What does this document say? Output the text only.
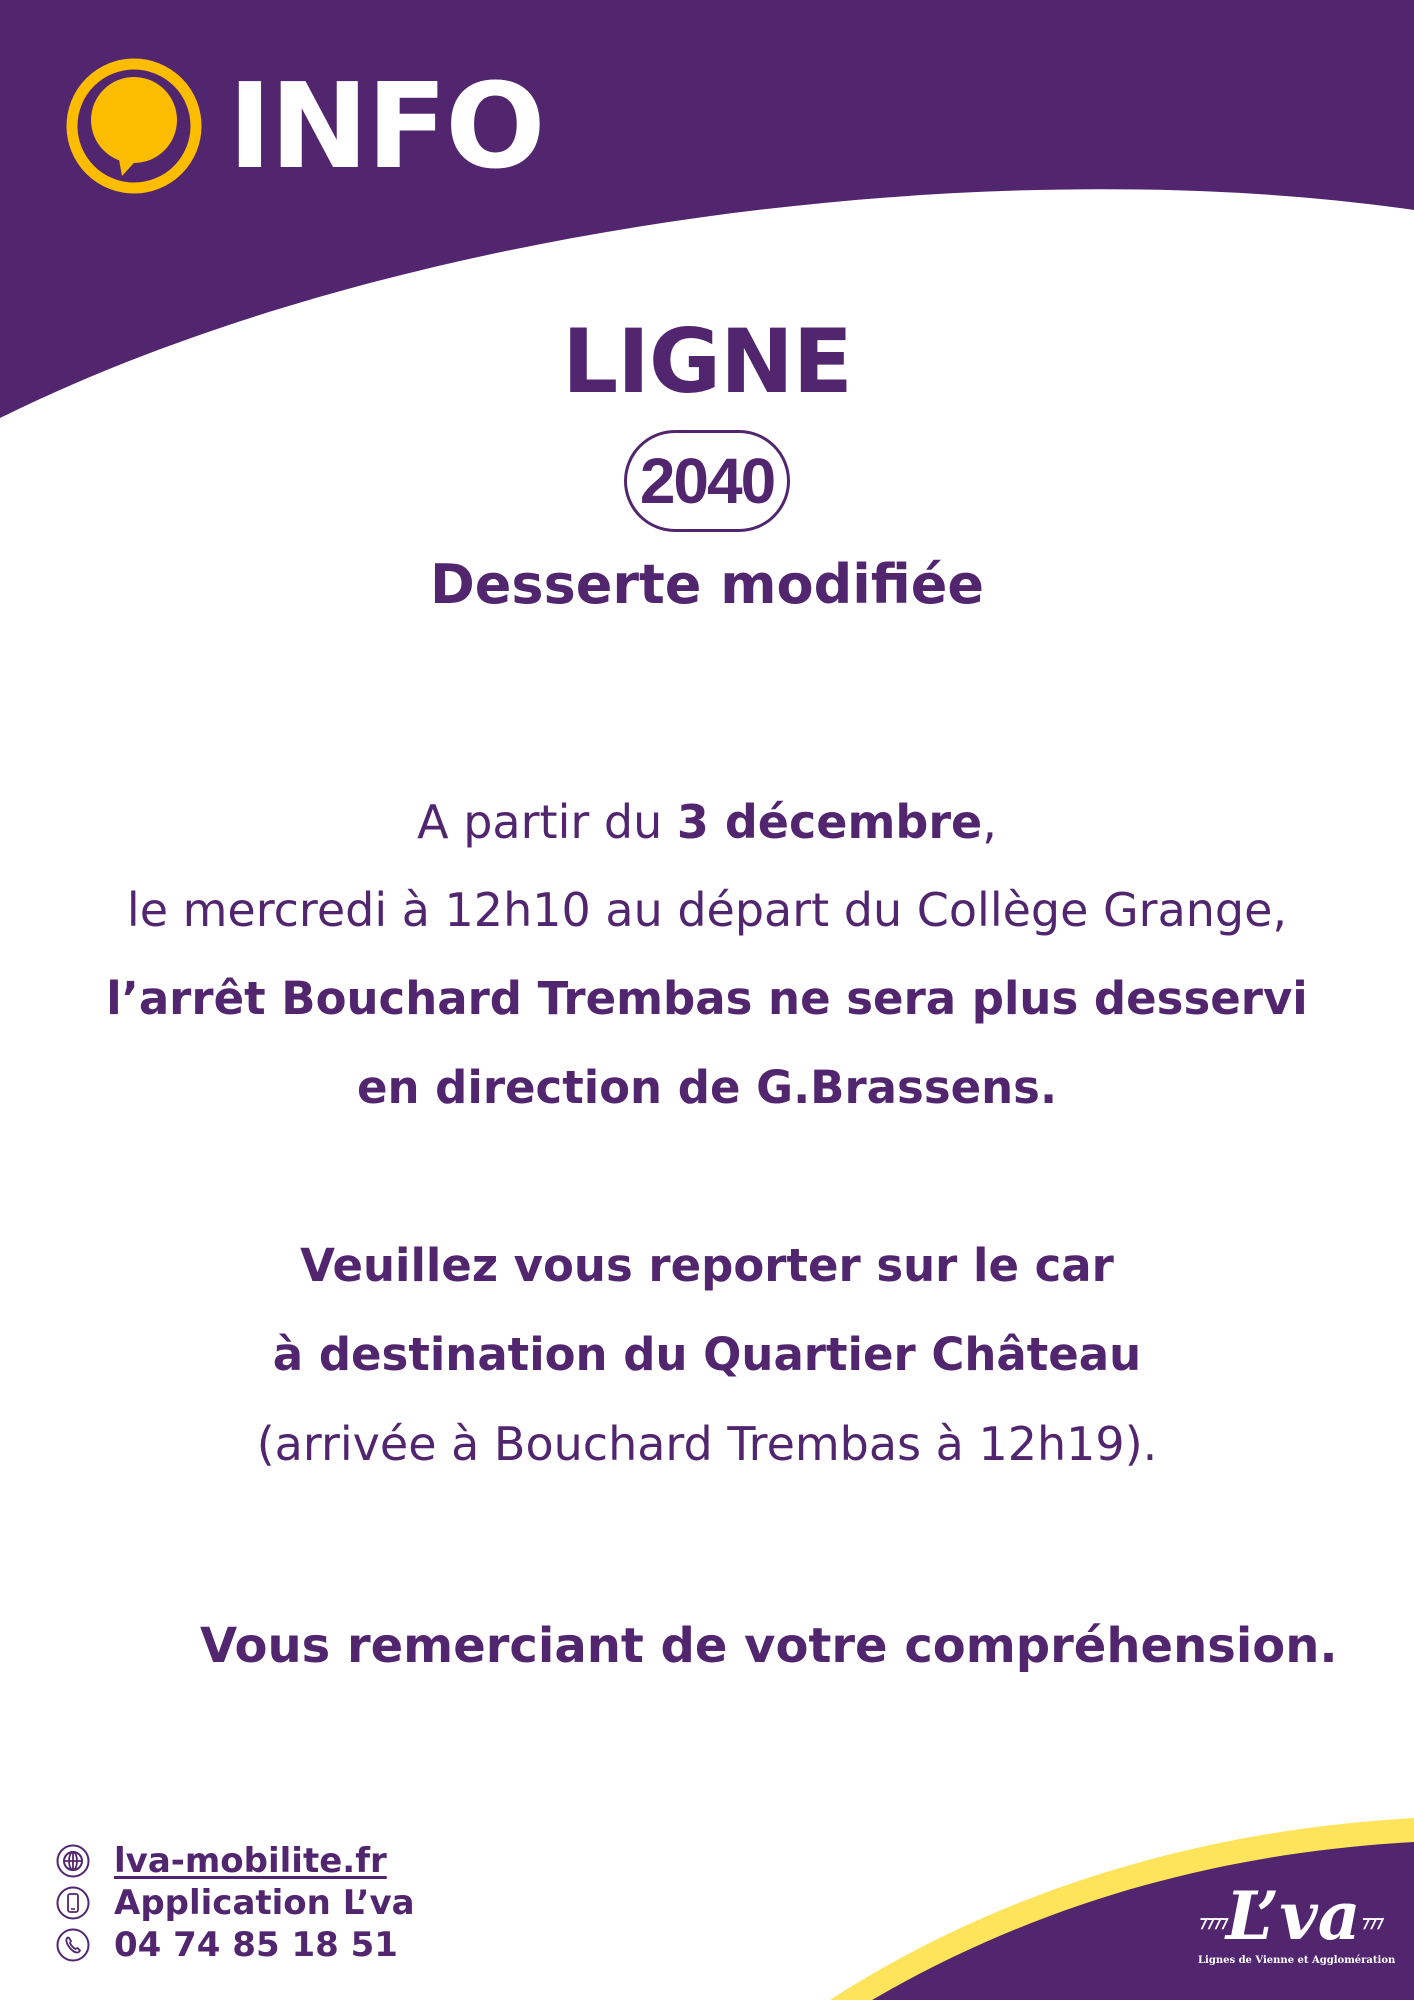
INFO
LIGNE
2040
Desserte modifiée
A partir du 3 décembre,
le mercredi à 12h10 au départ du Collège Grange,
l’arrêt Bouchard Trembas ne sera plus desservi
en direction de G.Brassens.
Veuillez vous reporter sur le car
à destination du Quartier Château
(arrivée à Bouchard Trembas à 12h19).
Vous remerciant de votre compréhension.
lva-mobilite.fr
Application L’va
04 74 85 18 51
⁊⁊⁊⁊L’va⁊⁊⁊
Lignes de Vienne et Agglomération
